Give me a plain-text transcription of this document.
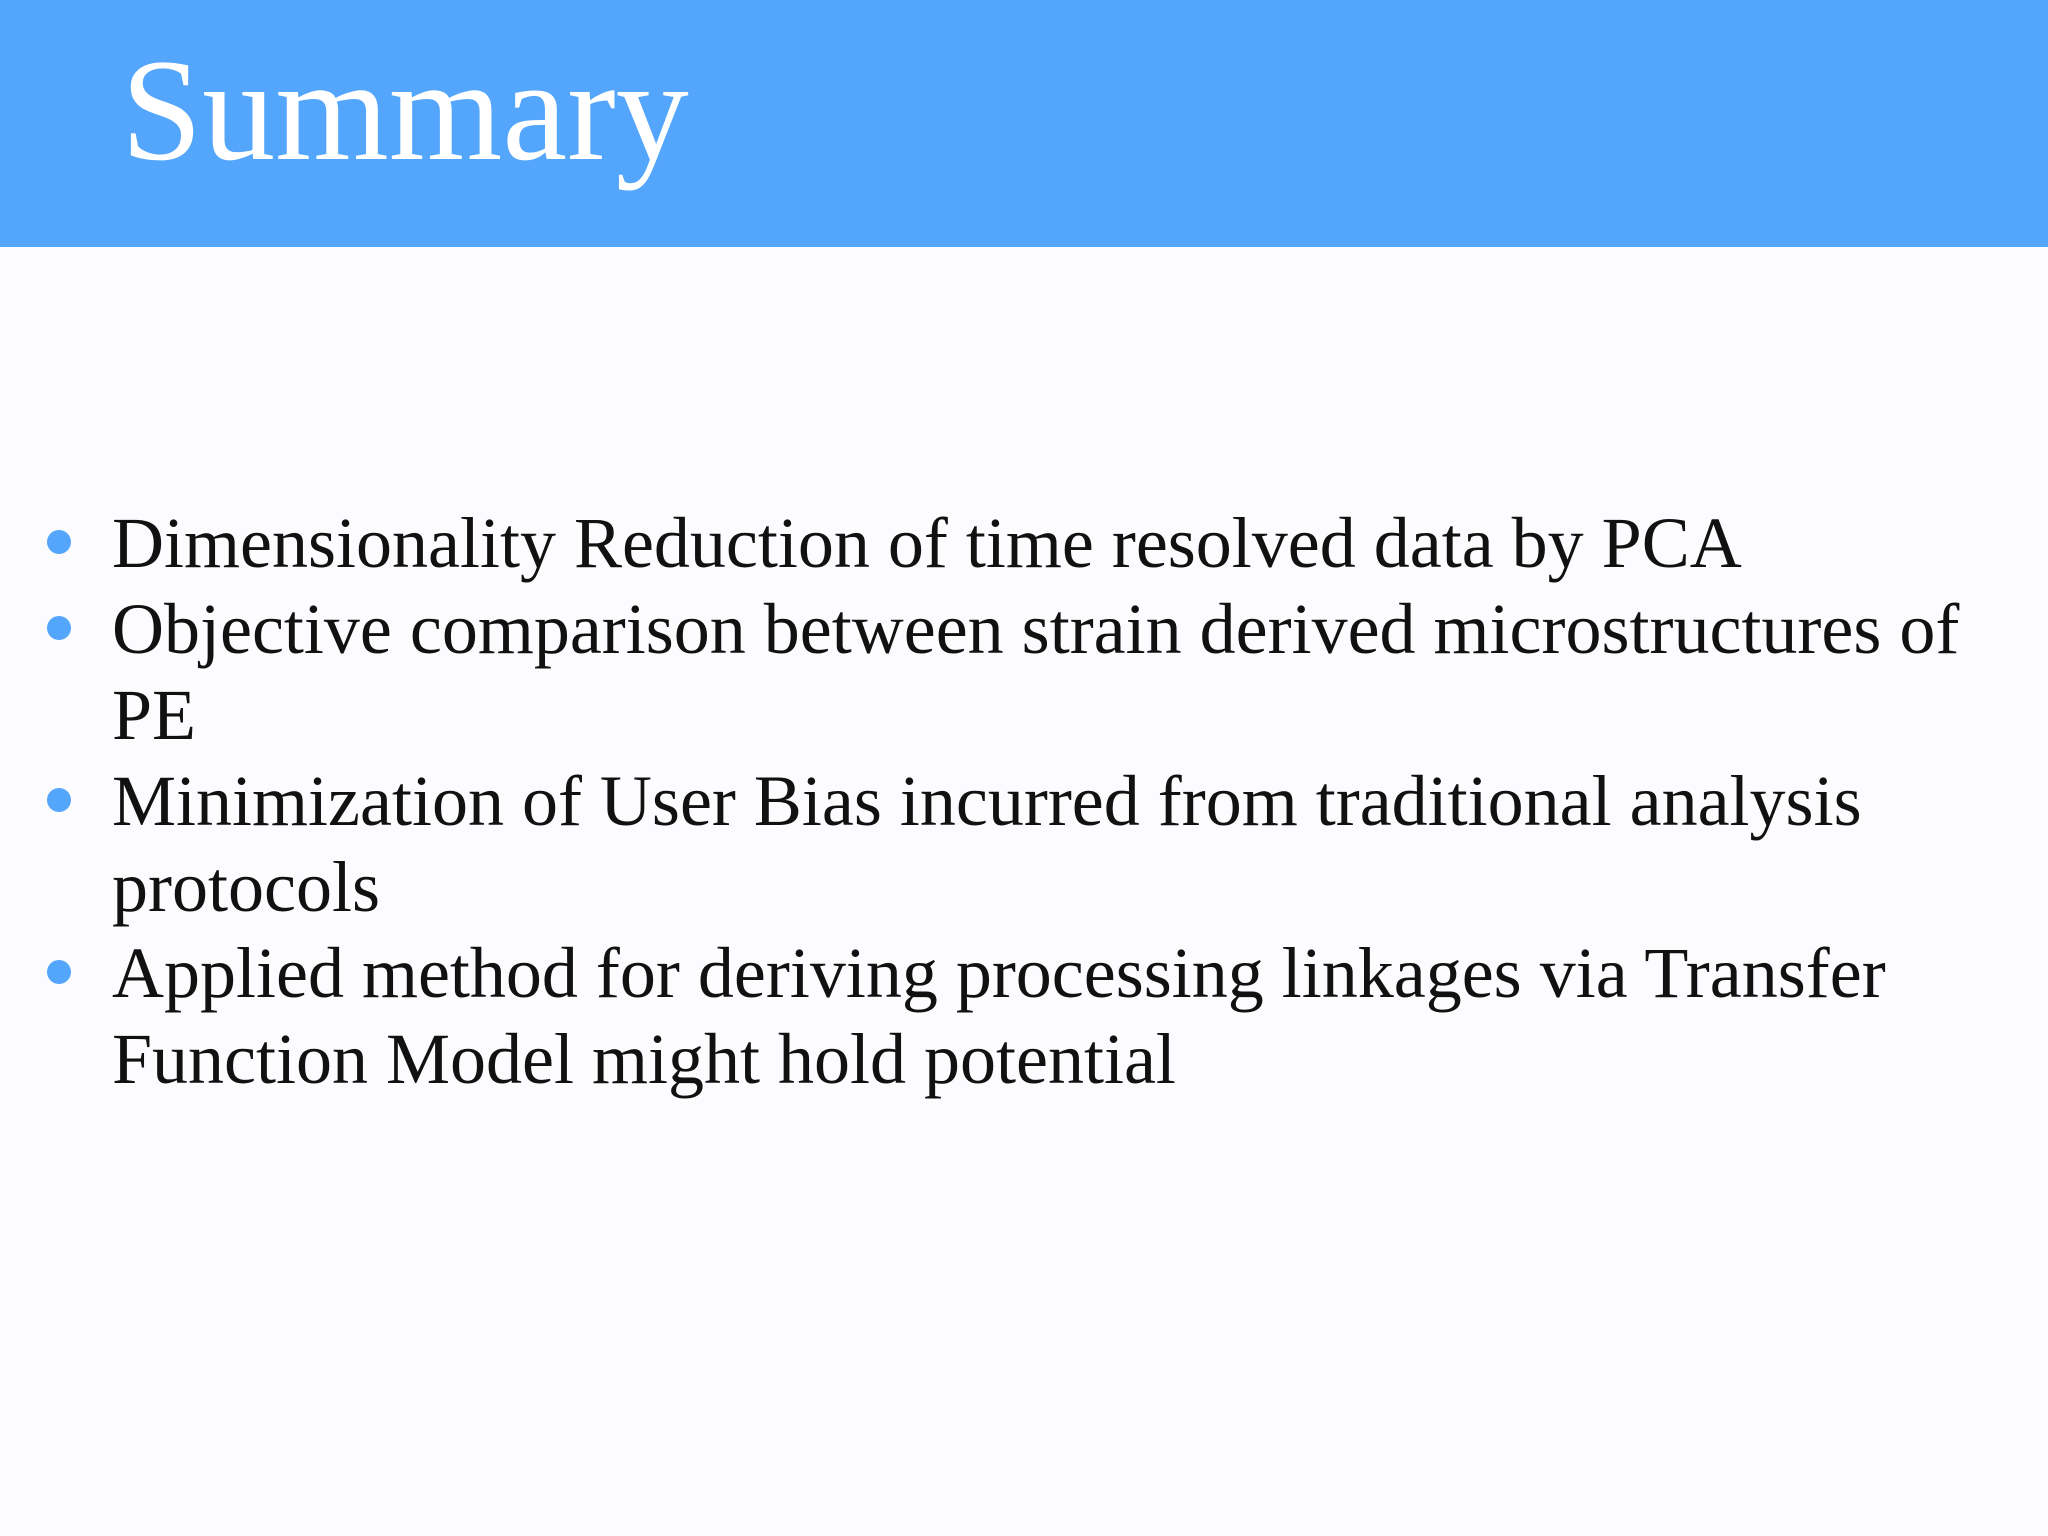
Summary
Dimensionality Reduction of time resolved data by PCA
Objective comparison between strain derived microstructures of PE
Minimization of User Bias incurred from traditional analysis protocols
Applied method for deriving processing linkages via Transfer Function Model might hold potential
